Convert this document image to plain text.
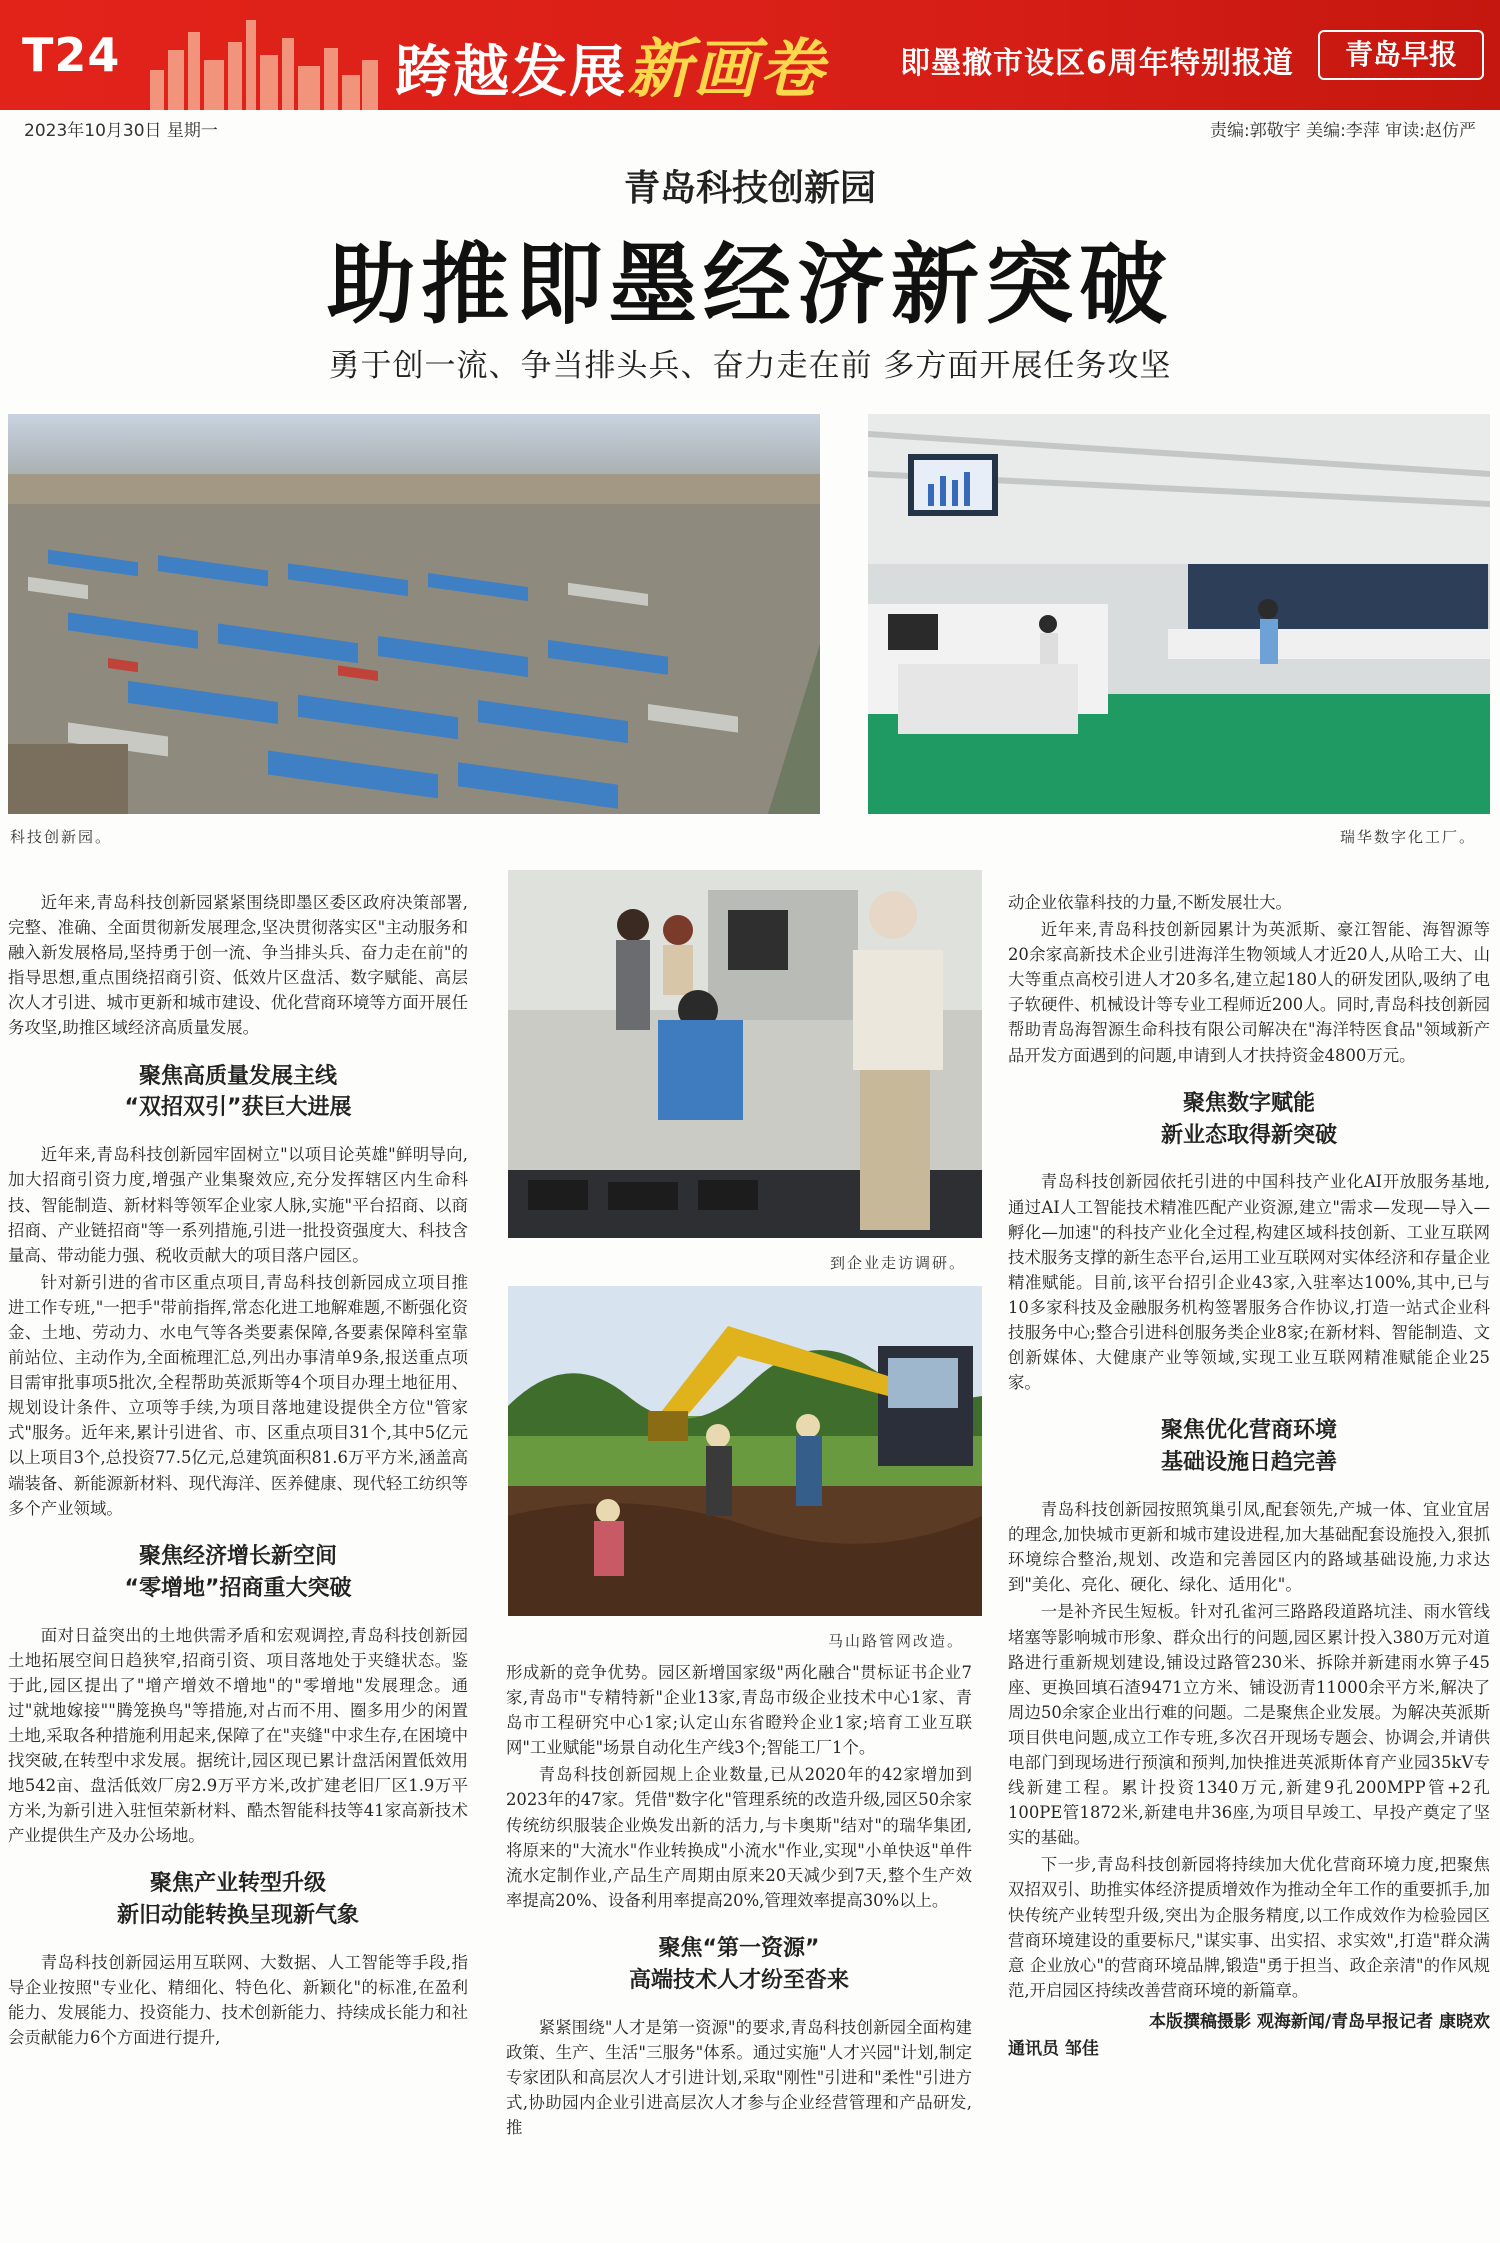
T24	跨越发展新画卷	即墨撤市设区6周年特别报道	青岛早报
2023年10月30日 星期一	责编:郭敬宇 美编:李萍 审读:赵仿严
青岛科技创新园
助推即墨经济新突破
勇于创一流、争当排头兵、奋力走在前 多方面开展任务攻坚
科技创新园。	瑞华数字化工厂。
到企业走访调研。
马山路管网改造。

近年来,青岛科技创新园紧紧围绕即墨区委区政府决策部署,完整、准确、全面贯彻新发展理念,坚决贯彻落实区"主动服务和融入新发展格局,坚持勇于创一流、争当排头兵、奋力走在前"的指导思想,重点围绕招商引资、低效片区盘活、数字赋能、高层次人才引进、城市更新和城市建设、优化营商环境等方面开展任务攻坚,助推区域经济高质量发展。

聚焦高质量发展主线
“双招双引”获巨大进展

近年来,青岛科技创新园牢固树立"以项目论英雄"鲜明导向,加大招商引资力度,增强产业集聚效应,充分发挥辖区内生命科技、智能制造、新材料等领军企业家人脉,实施"平台招商、以商招商、产业链招商"等一系列措施,引进一批投资强度大、科技含量高、带动能力强、税收贡献大的项目落户园区。

针对新引进的省市区重点项目,青岛科技创新园成立项目推进工作专班,"一把手"带前指挥,常态化进工地解难题,不断强化资金、土地、劳动力、水电气等各类要素保障,各要素保障科室靠前站位、主动作为,全面梳理汇总,列出办事清单9条,报送重点项目需审批事项5批次,全程帮助英派斯等4个项目办理土地征用、规划设计条件、立项等手续,为项目落地建设提供全方位"管家式"服务。近年来,累计引进省、市、区重点项目31个,其中5亿元以上项目3个,总投资77.5亿元,总建筑面积81.6万平方米,涵盖高端装备、新能源新材料、现代海洋、医养健康、现代轻工纺织等多个产业领域。

聚焦经济增长新空间
“零增地”招商重大突破

面对日益突出的土地供需矛盾和宏观调控,青岛科技创新园土地拓展空间日趋狭窄,招商引资、项目落地处于夹缝状态。鉴于此,园区提出了"增产增效不增地"的"零增地"发展理念。通过"就地嫁接""腾笼换鸟"等措施,对占而不用、圈多用少的闲置土地,采取各种措施利用起来,保障了在"夹缝"中求生存,在困境中找突破,在转型中求发展。据统计,园区现已累计盘活闲置低效用地542亩、盘活低效厂房2.9万平方米,改扩建老旧厂区1.9万平方米,为新引进入驻恒荣新材料、酷杰智能科技等41家高新技术产业提供生产及办公场地。

聚焦产业转型升级
新旧动能转换呈现新气象

青岛科技创新园运用互联网、大数据、人工智能等手段,指导企业按照"专业化、精细化、特色化、新颖化"的标准,在盈利能力、发展能力、投资能力、技术创新能力、持续成长能力和社会贡献能力6个方面进行提升,

形成新的竞争优势。园区新增国家级"两化融合"贯标证书企业7家,青岛市"专精特新"企业13家,青岛市级企业技术中心1家、青岛市工程研究中心1家;认定山东省瞪羚企业1家;培育工业互联网"工业赋能"场景自动化生产线3个;智能工厂1个。

青岛科技创新园规上企业数量,已从2020年的42家增加到2023年的47家。凭借"数字化"管理系统的改造升级,园区50余家传统纺织服装企业焕发出新的活力,与卡奥斯"结对"的瑞华集团,将原来的"大流水"作业转换成"小流水"作业,实现"小单快返"单件流水定制作业,产品生产周期由原来20天减少到7天,整个生产效率提高20%、设备利用率提高20%,管理效率提高30%以上。

聚焦“第一资源”
高端技术人才纷至沓来

紧紧围绕"人才是第一资源"的要求,青岛科技创新园全面构建政策、生产、生活"三服务"体系。通过实施"人才兴园"计划,制定专家团队和高层次人才引进计划,采取"刚性"引进和"柔性"引进方式,协助园内企业引进高层次人才参与企业经营管理和产品研发,推

动企业依靠科技的力量,不断发展壮大。

近年来,青岛科技创新园累计为英派斯、豪江智能、海智源等20余家高新技术企业引进海洋生物领域人才近20人,从哈工大、山大等重点高校引进人才20多名,建立起180人的研发团队,吸纳了电子软硬件、机械设计等专业工程师近200人。同时,青岛科技创新园帮助青岛海智源生命科技有限公司解决在"海洋特医食品"领域新产品开发方面遇到的问题,申请到人才扶持资金4800万元。

聚焦数字赋能
新业态取得新突破

青岛科技创新园依托引进的中国科技产业化AI开放服务基地,通过AI人工智能技术精准匹配产业资源,建立"需求—发现—导入—孵化—加速"的科技产业化全过程,构建区域科技创新、工业互联网技术服务支撑的新生态平台,运用工业互联网对实体经济和存量企业精准赋能。目前,该平台招引企业43家,入驻率达100%,其中,已与10多家科技及金融服务机构签署服务合作协议,打造一站式企业科技服务中心;整合引进科创服务类企业8家;在新材料、智能制造、文创新媒体、大健康产业等领域,实现工业互联网精准赋能企业25家。

聚焦优化营商环境
基础设施日趋完善

青岛科技创新园按照筑巢引凤,配套领先,产城一体、宜业宜居的理念,加快城市更新和城市建设进程,加大基础配套设施投入,狠抓环境综合整治,规划、改造和完善园区内的路域基础设施,力求达到"美化、亮化、硬化、绿化、适用化"。

一是补齐民生短板。针对孔雀河三路路段道路坑洼、雨水管线堵塞等影响城市形象、群众出行的问题,园区累计投入380万元对道路进行重新规划建设,铺设过路管230米、拆除并新建雨水箅子45座、更换回填石渣9471立方米、铺设沥青11000余平方米,解决了周边50余家企业出行难的问题。二是聚焦企业发展。为解决英派斯项目供电问题,成立工作专班,多次召开现场专题会、协调会,并请供电部门到现场进行预演和预判,加快推进英派斯体育产业园35kV专线新建工程。累计投资1340万元,新建9孔200MPP管+2孔100PE管1872米,新建电井36座,为项目早竣工、早投产奠定了坚实的基础。

下一步,青岛科技创新园将持续加大优化营商环境力度,把聚焦双招双引、助推实体经济提质增效作为推动全年工作的重要抓手,加快传统产业转型升级,突出为企服务精度,以工作成效作为检验园区营商环境建设的重要标尺,"谋实事、出实招、求实效",打造"群众满意 企业放心"的营商环境品牌,锻造"勇于担当、政企亲清"的作风规范,开启园区持续改善营商环境的新篇章。

本版撰稿摄影 观海新闻/青岛早报记者 康晓欢
通讯员 邹佳
